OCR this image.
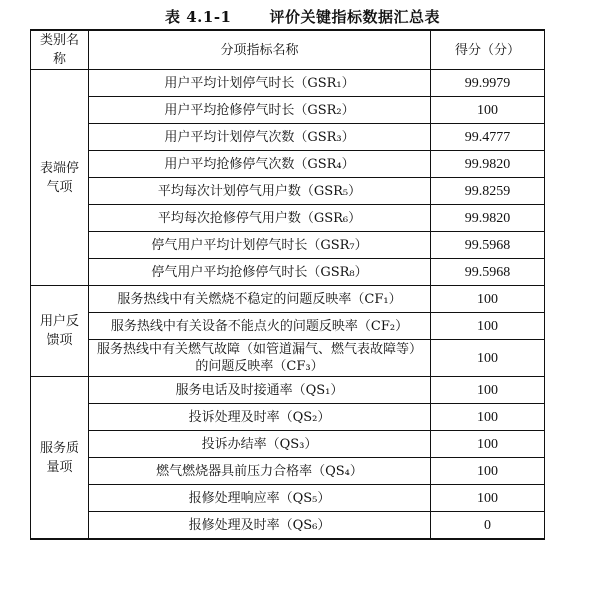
表 4.1-1	评价关键指标数据汇总表
类别名称	分项指标名称	得分（分）
表端停气项	用户平均计划停气时长（GSR₁）	99.9979
	用户平均抢修停气时长（GSR₂）	100
	用户平均计划停气次数（GSR₃）	99.4777
	用户平均抢修停气次数（GSR₄）	99.9820
	平均每次计划停气用户数（GSR₅）	99.8259
	平均每次抢修停气用户数（GSR₆）	99.9820
	停气用户平均计划停气时长（GSR₇）	99.5968
	停气用户平均抢修停气时长（GSR₈）	99.5968
用户反馈项	服务热线中有关燃烧不稳定的问题反映率（CF₁）	100
	服务热线中有关设备不能点火的问题反映率（CF₂）	100
	服务热线中有关燃气故障（如管道漏气、燃气表故障等）的问题反映率（CF₃）	100
服务质量项	服务电话及时接通率（QS₁）	100
	投诉处理及时率（QS₂）	100
	投诉办结率（QS₃）	100
	燃气燃烧器具前压力合格率（QS₄）	100
	报修处理响应率（QS₅）	100
	报修处理及时率（QS₆）	0
